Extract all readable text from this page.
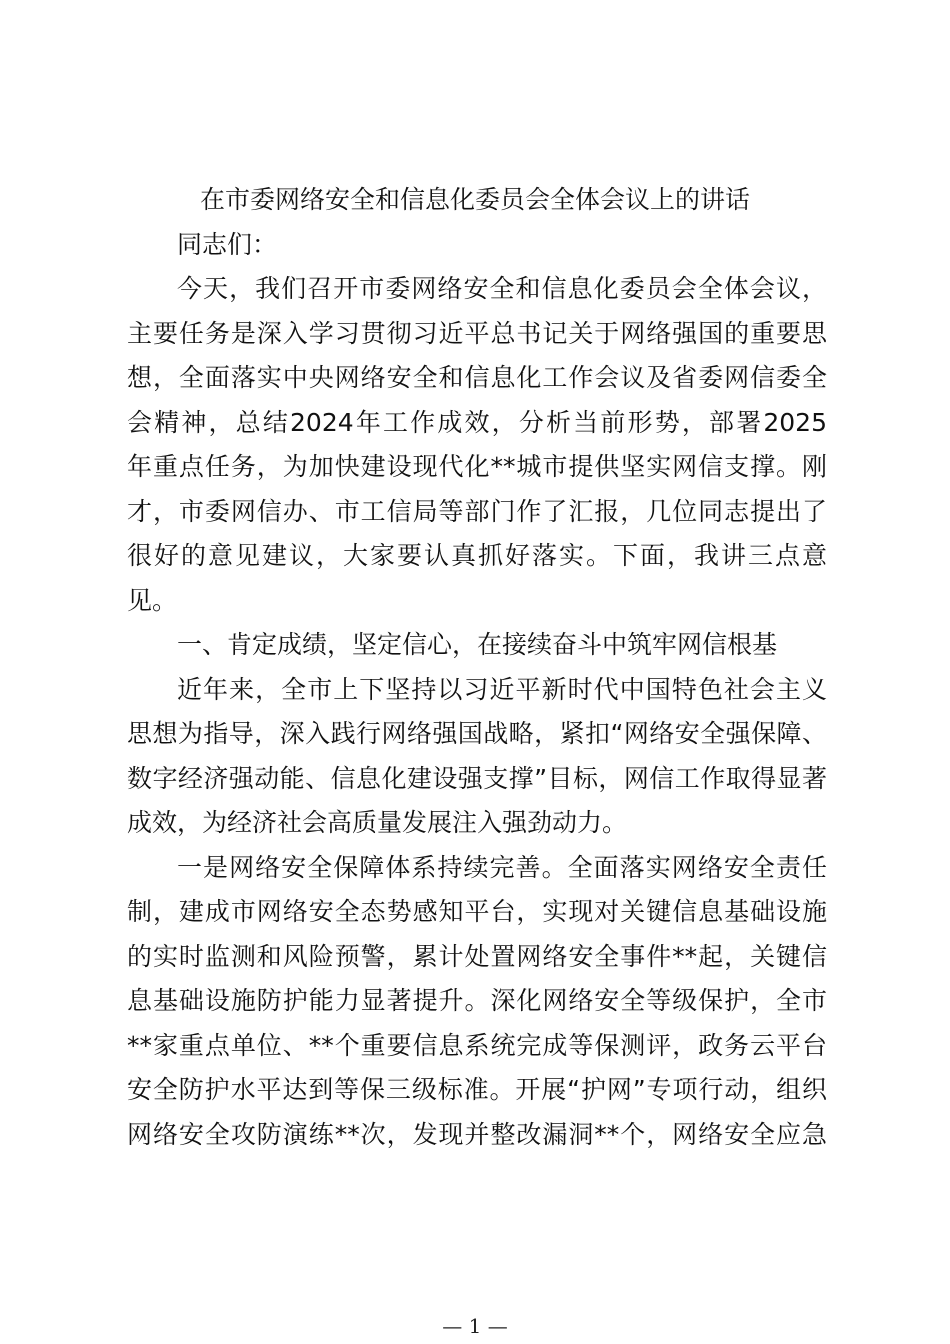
在市委网络安全和信息化委员会全体会议上的讲话
同志们：
今天，我们召开市委网络安全和信息化委员会全体会议，
主要任务是深入学习贯彻习近平总书记关于网络强国的重要思
想，全面落实中央网络安全和信息化工作会议及省委网信委全
会精神，总结2024年工作成效，分析当前形势，部署2025
年重点任务，为加快建设现代化**城市提供坚实网信支撑。刚
才，市委网信办、市工信局等部门作了汇报，几位同志提出了
很好的意见建议，大家要认真抓好落实。下面，我讲三点意
见。
一、肯定成绩，坚定信心，在接续奋斗中筑牢网信根基
近年来，全市上下坚持以习近平新时代中国特色社会主义
思想为指导，深入践行网络强国战略，紧扣“网络安全强保障、
数字经济强动能、信息化建设强支撑”目标，网信工作取得显著
成效，为经济社会高质量发展注入强劲动力。
一是网络安全保障体系持续完善。全面落实网络安全责任
制，建成市网络安全态势感知平台，实现对关键信息基础设施
的实时监测和风险预警，累计处置网络安全事件**起，关键信
息基础设施防护能力显著提升。深化网络安全等级保护，全市
**家重点单位、**个重要信息系统完成等保测评，政务云平台
安全防护水平达到等保三级标准。开展“护网”专项行动，组织
网络安全攻防演练**次，发现并整改漏洞**个，网络安全应急
— 1 —
